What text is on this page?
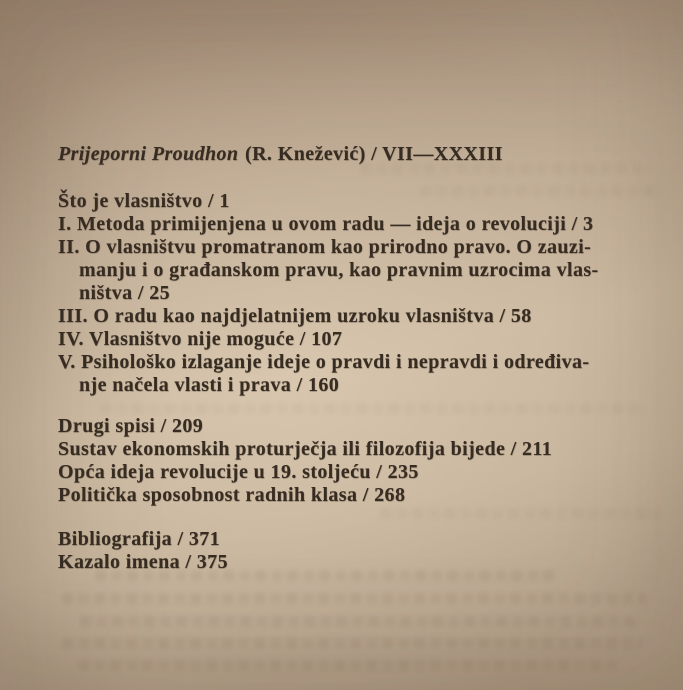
Prijeporni Proudhon (R. Knežević) / VII—XXXIII
Što je vlasništvo / 1
I. Metoda primijenjena u ovom radu — ideja o revoluciji / 3
II. O vlasništvu promatranom kao prirodno pravo. O zauzi-
manju i o građanskom pravu, kao pravnim uzrocima vlas-
ništva / 25
III. O radu kao najdjelatnijem uzroku vlasništva / 58
IV. Vlasništvo nije moguće / 107
V. Psihološko izlaganje ideje o pravdi i nepravdi i određiva-
nje načela vlasti i prava / 160
Drugi spisi / 209
Sustav ekonomskih proturječja ili filozofija bijede / 211
Opća ideja revolucije u 19. stoljeću / 235
Politička sposobnost radnih klasa / 268
Bibliografija / 371
Kazalo imena / 375
